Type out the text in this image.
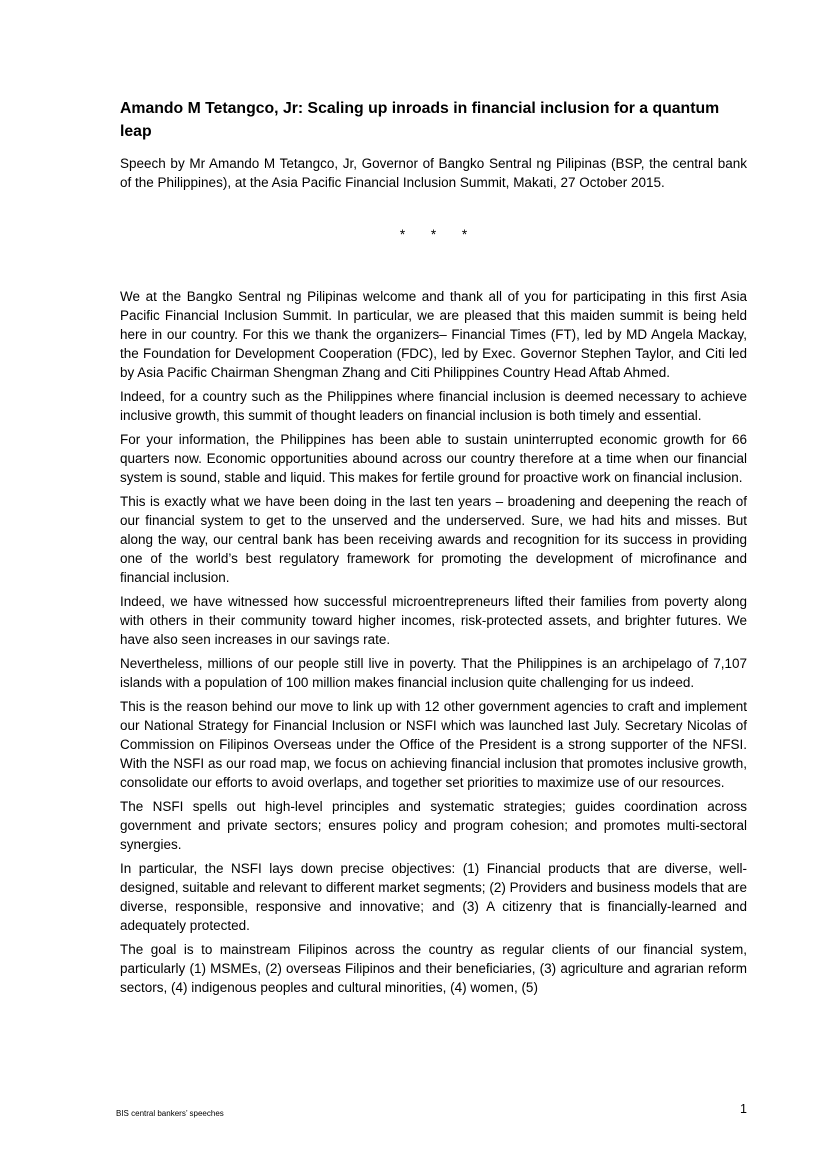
Amando M Tetangco, Jr: Scaling up inroads in financial inclusion for a quantum leap

Speech by Mr Amando M Tetangco, Jr, Governor of Bangko Sentral ng Pilipinas (BSP, the central bank of the Philippines), at the Asia Pacific Financial Inclusion Summit, Makati, 27 October 2015.

* * *

We at the Bangko Sentral ng Pilipinas welcome and thank all of you for participating in this first Asia Pacific Financial Inclusion Summit. In particular, we are pleased that this maiden summit is being held here in our country. For this we thank the organizers– Financial Times (FT), led by MD Angela Mackay, the Foundation for Development Cooperation (FDC), led by Exec. Governor Stephen Taylor, and Citi led by Asia Pacific Chairman Shengman Zhang and Citi Philippines Country Head Aftab Ahmed.

Indeed, for a country such as the Philippines where financial inclusion is deemed necessary to achieve inclusive growth, this summit of thought leaders on financial inclusion is both timely and essential.

For your information, the Philippines has been able to sustain uninterrupted economic growth for 66 quarters now. Economic opportunities abound across our country therefore at a time when our financial system is sound, stable and liquid. This makes for fertile ground for proactive work on financial inclusion.

This is exactly what we have been doing in the last ten years – broadening and deepening the reach of our financial system to get to the unserved and the underserved. Sure, we had hits and misses. But along the way, our central bank has been receiving awards and recognition for its success in providing one of the world’s best regulatory framework for promoting the development of microfinance and financial inclusion.

Indeed, we have witnessed how successful microentrepreneurs lifted their families from poverty along with others in their community toward higher incomes, risk-protected assets, and brighter futures. We have also seen increases in our savings rate.

Nevertheless, millions of our people still live in poverty. That the Philippines is an archipelago of 7,107 islands with a population of 100 million makes financial inclusion quite challenging for us indeed.

This is the reason behind our move to link up with 12 other government agencies to craft and implement our National Strategy for Financial Inclusion or NSFI which was launched last July. Secretary Nicolas of Commission on Filipinos Overseas under the Office of the President is a strong supporter of the NFSI. With the NSFI as our road map, we focus on achieving financial inclusion that promotes inclusive growth, consolidate our efforts to avoid overlaps, and together set priorities to maximize use of our resources.

The NSFI spells out high-level principles and systematic strategies; guides coordination across government and private sectors; ensures policy and program cohesion; and promotes multi-sectoral synergies.

In particular, the NSFI lays down precise objectives: (1) Financial products that are diverse, well-designed, suitable and relevant to different market segments; (2) Providers and business models that are diverse, responsible, responsive and innovative; and (3) A citizenry that is financially-learned and adequately protected.

The goal is to mainstream Filipinos across the country as regular clients of our financial system, particularly (1) MSMEs, (2) overseas Filipinos and their beneficiaries, (3) agriculture and agrarian reform sectors, (4) indigenous peoples and cultural minorities, (4) women, (5)

BIS central bankers’ speeches	1
